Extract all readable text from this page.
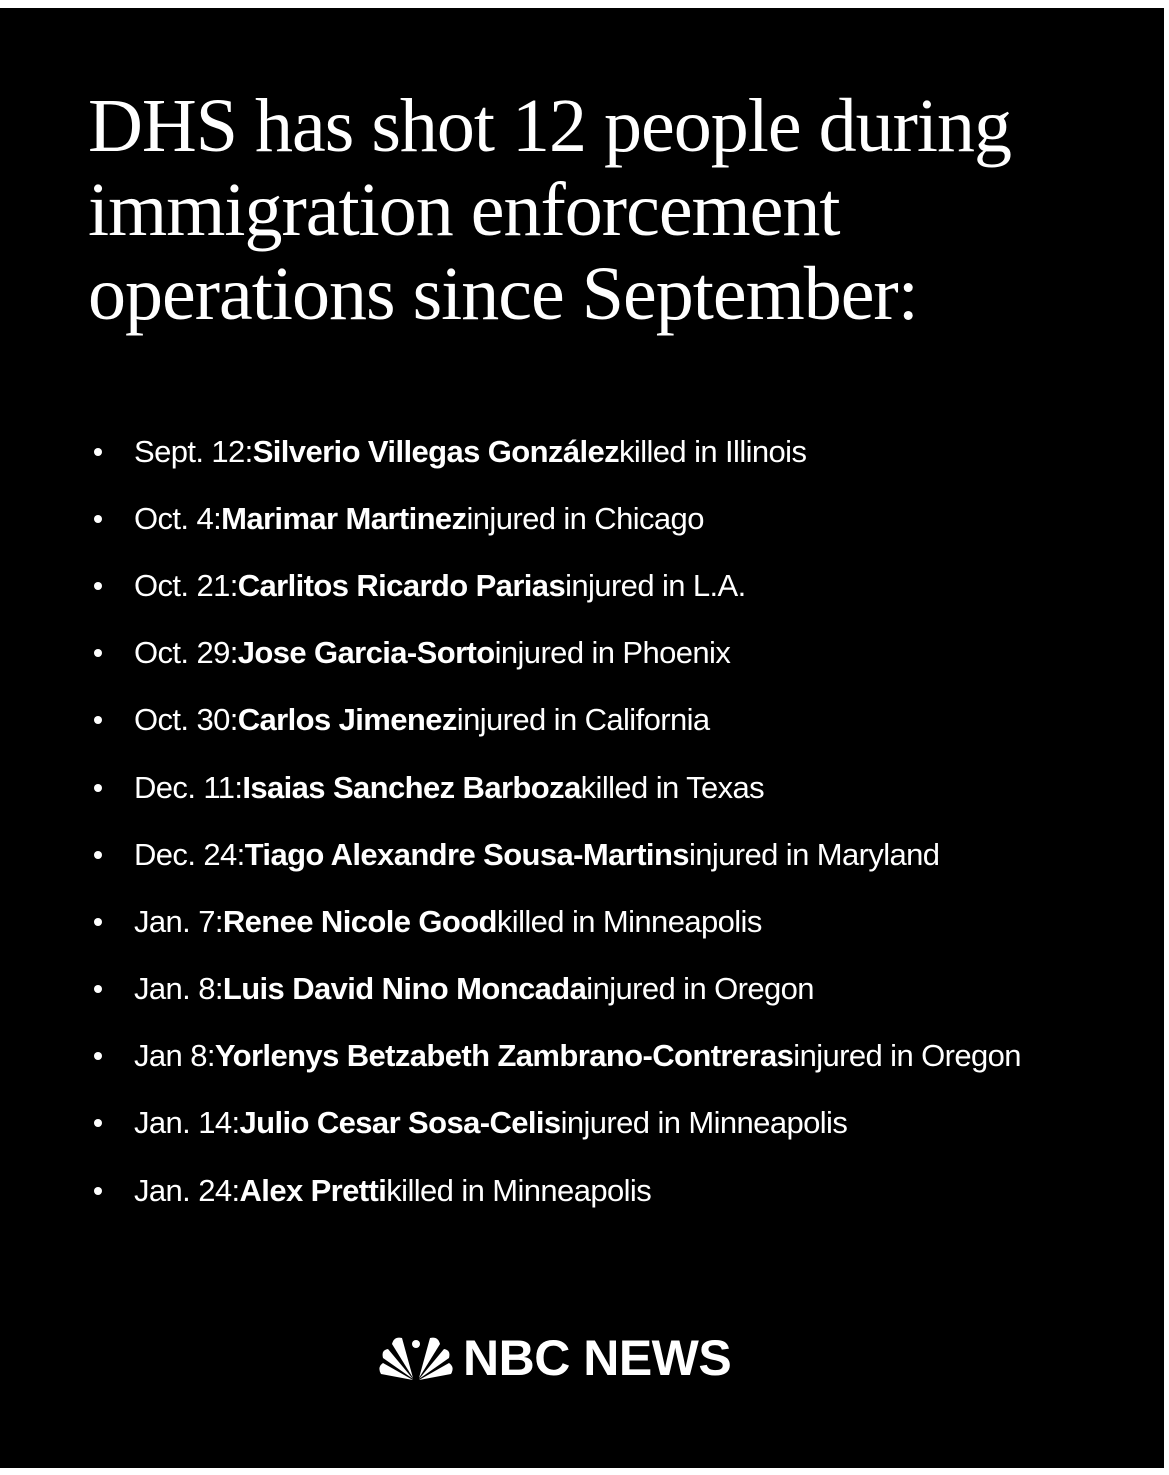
DHS has shot 12 people during immigration enforcement operations since September:
Sept. 12: Silverio Villegas González killed in Illinois
Oct. 4: Marimar Martinez injured in Chicago
Oct. 21: Carlitos Ricardo Parias injured in L.A.
Oct. 29: Jose Garcia-Sorto injured in Phoenix
Oct. 30: Carlos Jimenez injured in California
Dec. 11: Isaias Sanchez Barboza killed in Texas
Dec. 24: Tiago Alexandre Sousa-Martins injured in Maryland
Jan. 7: Renee Nicole Good killed in Minneapolis
Jan. 8: Luis David Nino Moncada injured in Oregon
Jan 8: Yorlenys Betzabeth Zambrano-Contreras injured in Oregon
Jan. 14: Julio Cesar Sosa-Celis injured in Minneapolis
Jan. 24: Alex Pretti killed in Minneapolis
NBC NEWS
